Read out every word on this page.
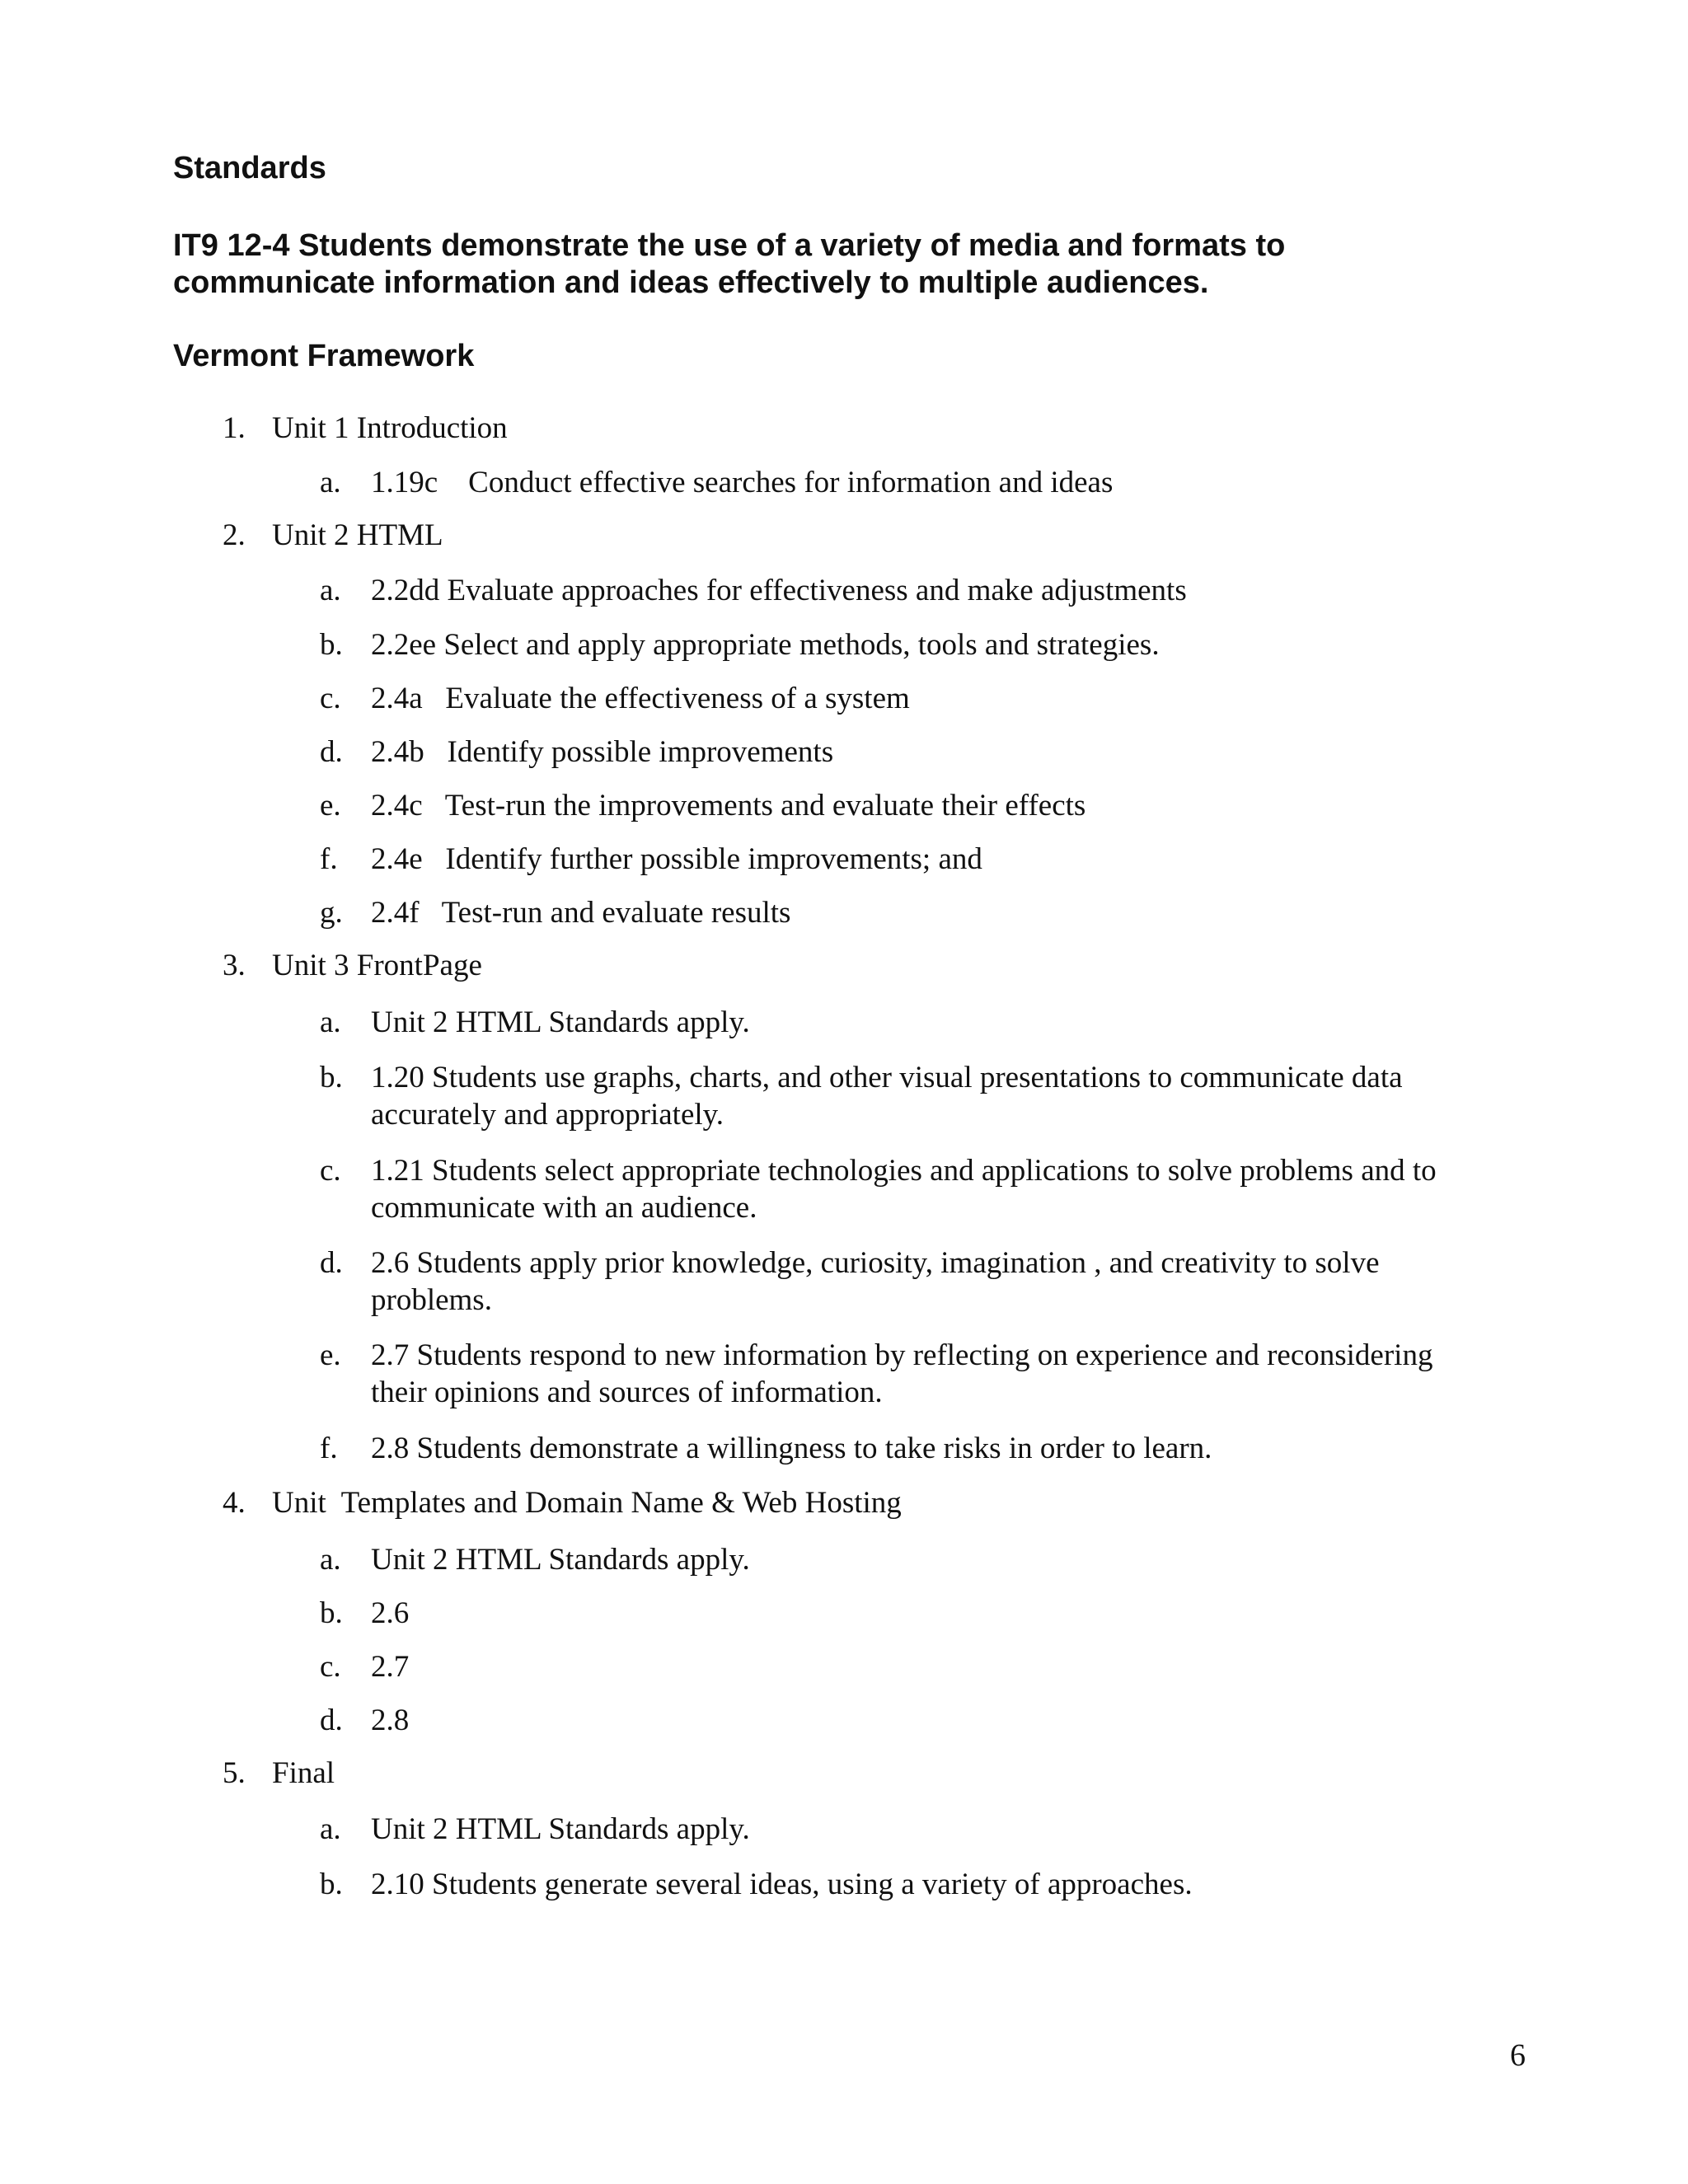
Standards
IT9 12-4 Students demonstrate the use of a variety of media and formats to
communicate information and ideas effectively to multiple audiences.
Vermont Framework
1. Unit 1 Introduction
a. 1.19c    Conduct effective searches for information and ideas
2. Unit 2 HTML
a. 2.2dd Evaluate approaches for effectiveness and make adjustments
b. 2.2ee Select and apply appropriate methods, tools and strategies.
c. 2.4a   Evaluate the effectiveness of a system
d. 2.4b   Identify possible improvements
e. 2.4c   Test-run the improvements and evaluate their effects
f.	2.4e   Identify further possible improvements; and
g. 2.4f   Test-run and evaluate results
3. Unit 3 FrontPage
a. Unit 2 HTML Standards apply.
b. 1.20 Students use graphs, charts, and other visual presentations to communicate data accurately and appropriately.
c. 1.21 Students select appropriate technologies and applications to solve problems and to communicate with an audience.
d. 2.6 Students apply prior knowledge, curiosity, imagination , and creativity to solve problems.
e. 2.7 Students respond to new information by reflecting on experience and reconsidering their opinions and sources of information.
f.	2.8 Students demonstrate a willingness to take risks in order to learn.
4. Unit  Templates and Domain Name & Web Hosting
a. Unit 2 HTML Standards apply.
b. 2.6
c. 2.7
d. 2.8
5. Final
a. Unit 2 HTML Standards apply.
b. 2.10 Students generate several ideas, using a variety of approaches.
6
